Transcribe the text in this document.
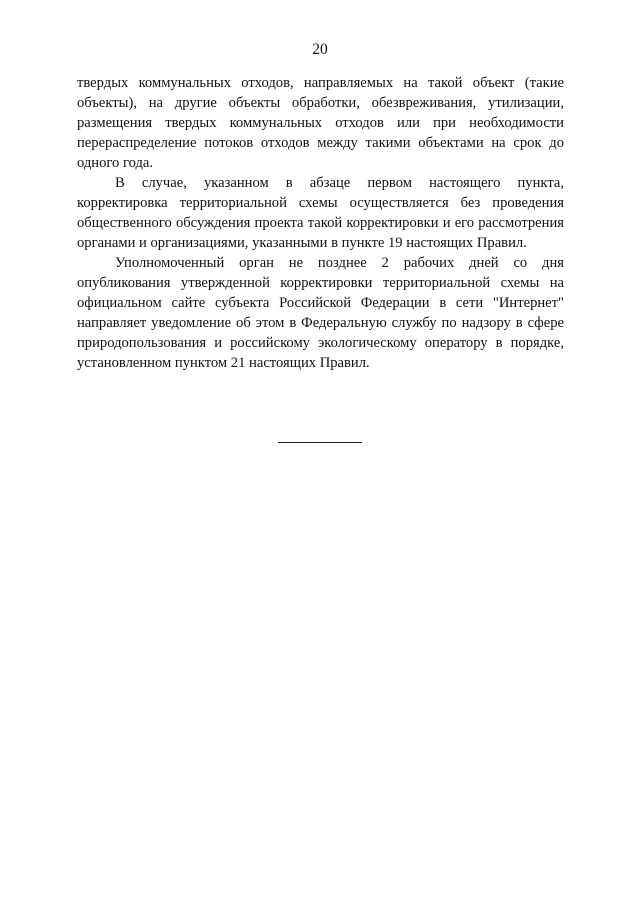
20

твердых коммунальных отходов, направляемых на такой объект (такие объекты), на другие объекты обработки, обезвреживания, утилизации, размещения твердых коммунальных отходов или при необходимости перераспределение потоков отходов между такими объектами на срок до одного года.

В случае, указанном в абзаце первом настоящего пункта, корректировка территориальной схемы осуществляется без проведения общественного обсуждения проекта такой корректировки и его рассмотрения органами и организациями, указанными в пункте 19 настоящих Правил.

Уполномоченный орган не позднее 2 рабочих дней со дня опубликования утвержденной корректировки территориальной схемы на официальном сайте субъекта Российской Федерации в сети "Интернет" направляет уведомление об этом в Федеральную службу по надзору в сфере природопользования и российскому экологическому оператору в порядке, установленном пунктом 21 настоящих Правил.
